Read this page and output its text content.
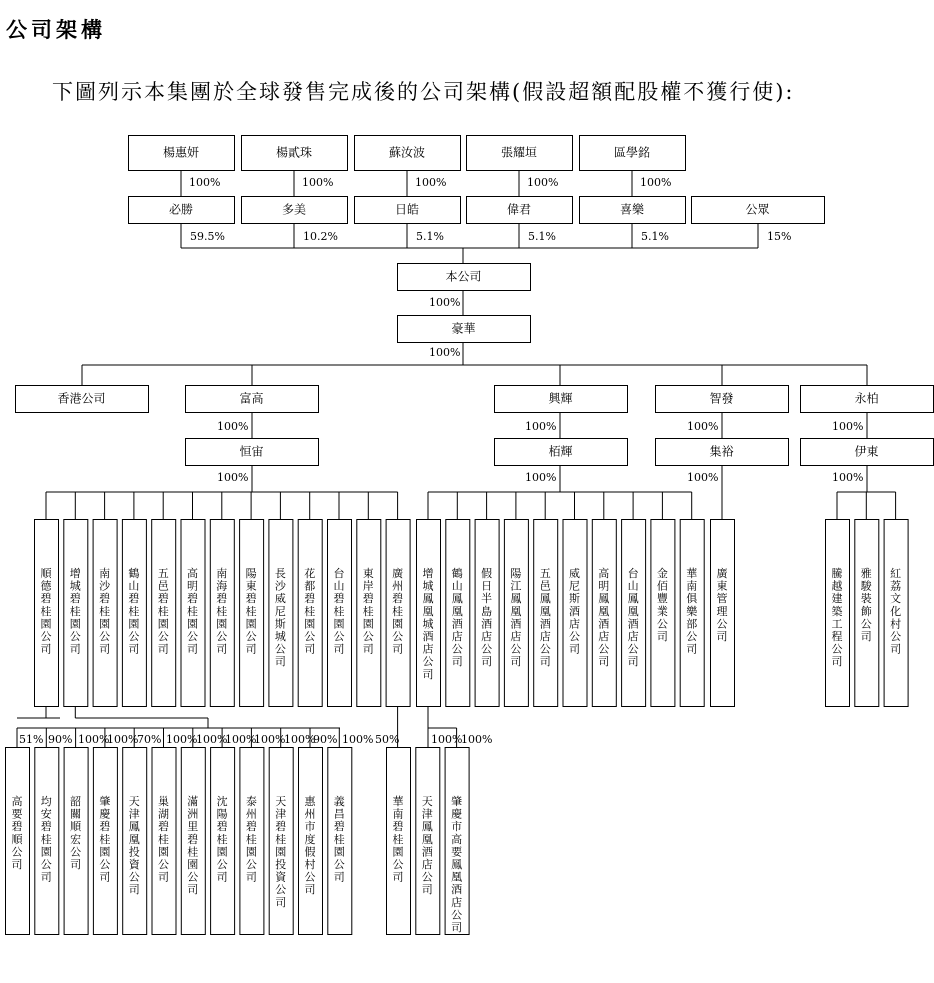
公司架構
下圖列示本集團於全球發售完成後的公司架構(假設超額配股權不獲行使):
楊惠妍	楊貳珠	蘇汝波	張耀垣	區學銘
100%	100%	100%	100%	100%
必勝	多美	日皓	偉君	喜樂	公眾
59.5%	10.2%	5.1%	5.1%	5.1%	15%
本公司
100%
豪華
100%
香港公司	富高	興輝	智發	永柏
100%	100%	100%	100%
恒宙	栢輝	集裕	伊東
100%	100%	100%	100%
順德碧桂園公司
增城碧桂園公司
南沙碧桂園公司
鶴山碧桂園公司
五邑碧桂園公司
高明碧桂園公司
南海碧桂園公司
陽東碧桂園公司
長沙威尼斯城公司
花都碧桂園公司
台山碧桂園公司
東岸碧桂園公司
廣州碧桂園公司
增城鳳凰城酒店公司
鶴山鳳凰酒店公司
假日半島酒店公司
陽江鳳凰酒店公司
五邑鳳凰酒店公司
威尼斯酒店公司
高明鳳凰酒店公司
台山鳳凰酒店公司
金佰豐業公司
華南俱樂部公司
廣東管理公司
騰越建築工程公司
雅駿裝飾公司
紅荔文化村公司
高要碧順公司
均安碧桂園公司
韶關順宏公司
肇慶碧桂園公司
天津鳳凰投資公司
巢湖碧桂園公司
滿洲里碧桂園公司
沈陽碧桂園公司
泰州碧桂園公司
天津碧桂園投資公司
惠州市度假村公司
義昌碧桂園公司
華南碧桂園公司
天津鳳凰酒店公司
肇慶市高要鳳凰酒店公司
51% 90% 100%
100%
70% 100%
100%
100%
100%
100%
90% 100% 50%	100%
100%
